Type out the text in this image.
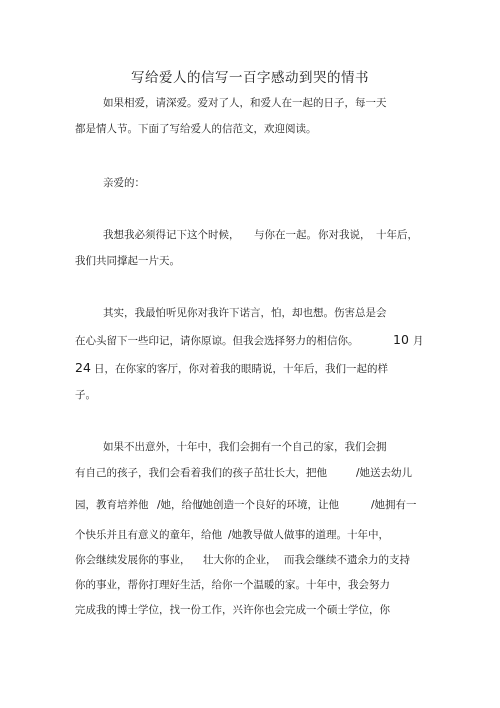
写给爱人的信写一百字感动到哭的情书
如果相爱，请深爱。爱对了人，和爱人在一起的日子，每一天
都是情人节。下面了写给爱人的信范文，欢迎阅读。
亲爱的：
我想我必须得记下这个时候， 与你在一起。 你对我说， 十年后，
我们共同撑起一片天。
其实，我最怕听见你对我许下诺言，怕，却也想。伤害总是会
在心头留下一些印记，请你原谅。但我会选择努力的相信你。	10 月
24 日，在你家的客厅，你对着我的眼睛说，十年后，我们一起的样
子。
如果不出意外，十年中，我们会拥有一个自己的家，我们会拥
有自己的孩子，我们会看着我们的孩子茁壮长大，把他	/她送去幼儿
园，教育培养他 /她，给他
/她创造一个良好的环境，让他	/她拥有一
个快乐并且有意义的童年，给他 /她教导做人做事的道理。十年中，
你会继续发展你的事业， 壮大你的企业， 而我会继续不遗余力的支持
你的事业，帮你打理好生活，给你一个温暖的家。十年中，我会努力
完成我的博士学位，找一份工作，兴许你也会完成一个硕士学位，你
